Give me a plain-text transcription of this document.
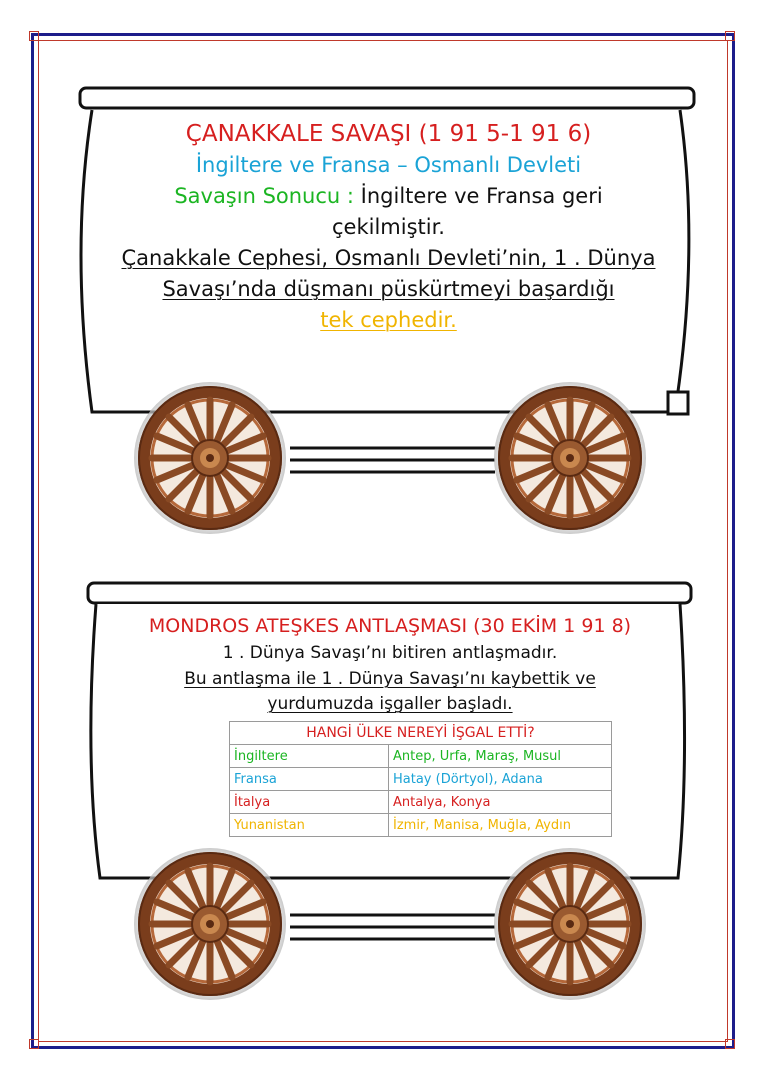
ÇANAKKALE SAVAŞI (1 91 5-1 91 6)
İngiltere ve Fransa – Osmanlı Devleti
Savaşın Sonucu : İngiltere ve Fransa geri
çekilmiştir.
Çanakkale Cephesi, Osmanlı Devleti’nin, 1 . Dünya
Savaşı’nda düşmanı püskürtmeyi başardığı
tek cephedir.
MONDROS ATEŞKES ANTLAŞMASI (30 EKİM 1 91 8)
1 . Dünya Savaşı’nı bitiren antlaşmadır.
Bu antlaşma ile 1 . Dünya Savaşı’nı kaybettik ve
yurdumuzda işgaller başladı.
HANGİ ÜLKE NEREYİ İŞGAL ETTİ?	
İngiltere	Antep, Urfa, Maraş, Musul
Fransa	Hatay (Dörtyol), Adana
İtalya	Antalya, Konya
Yunanistan	İzmir, Manisa, Muğla, Aydın
